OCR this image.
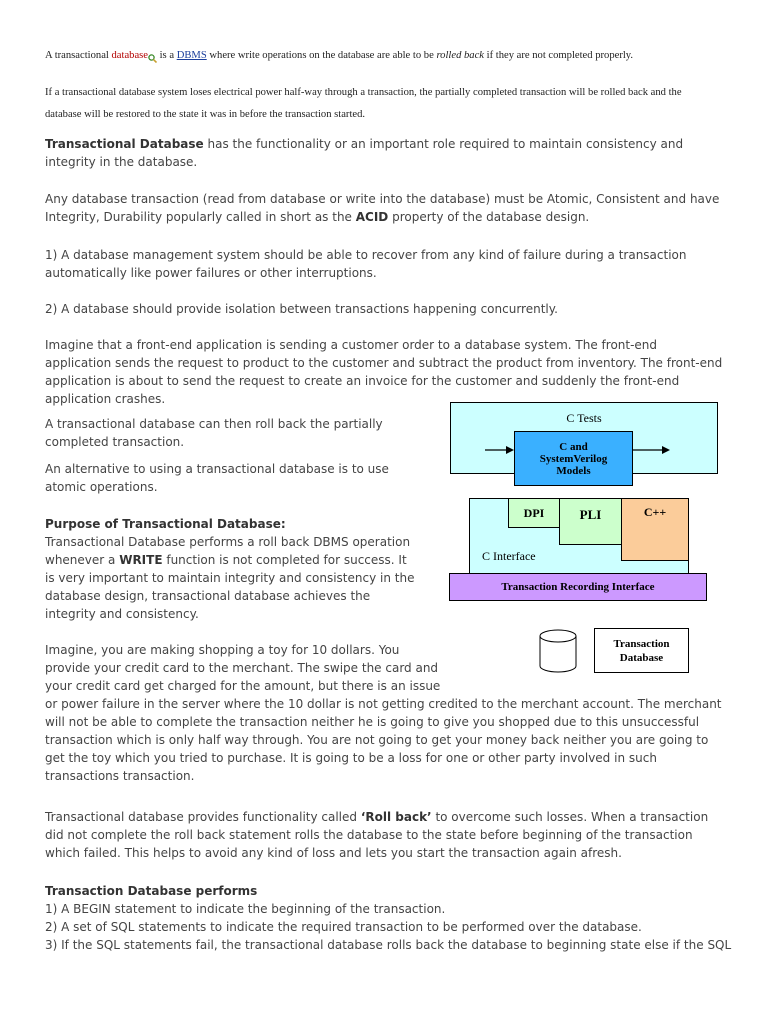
A transactional database is a DBMS where write operations on the database are able to be rolled back if they are not completed properly.
If a transactional database system loses electrical power half-way through a transaction, the partially completed transaction will be rolled back and the database will be restored to the state it was in before the transaction started.
Transactional Database has the functionality or an important role required to maintain consistency and integrity in the database.
Any database transaction (read from database or write into the database) must be Atomic, Consistent and have Integrity, Durability popularly called in short as the ACID property of the database design.
1) A database management system should be able to recover from any kind of failure during a transaction automatically like power failures or other interruptions.
2) A database should provide isolation between transactions happening concurrently.
Imagine that a front-end application is sending a customer order to a database system. The front-end application sends the request to product to the customer and subtract the product from inventory. The front-end application is about to send the request to create an invoice for the customer and suddenly the front-end application crashes.
A transactional database can then roll back the partially completed transaction.
An alternative to using a transactional database is to use atomic operations.
Purpose of Transactional Database:
Transactional Database performs a roll back DBMS operation whenever a WRITE function is not completed for success. It is very important to maintain integrity and consistency in the database design, transactional database achieves the integrity and consistency.
Imagine, you are making shopping a toy for 10 dollars. You
provide your credit card to the merchant. The swipe the card and
your credit card get charged for the amount, but there is an issue
or power failure in the server where the 10 dollar is not getting credited to the merchant account. The merchant will not be able to complete the transaction neither he is going to give you shopped due to this unsuccessful transaction which is only half way through. You are not going to get your money back neither you are going to get the toy which you tried to purchase. It is going to be a loss for one or other party involved in such transactions transaction.
Transactional database provides functionality called ‘Roll back’ to overcome such losses. When a transaction did not complete the roll back statement rolls the database to the state before beginning of the transaction which failed. This helps to avoid any kind of loss and lets you start the transaction again afresh.
Transaction Database performs
1) A BEGIN statement to indicate the beginning of the transaction.
2) A set of SQL statements to indicate the required transaction to be performed over the database.
3) If the SQL statements fail, the transactional database rolls back the database to beginning state else if the SQL
C Tests
C and
SystemVerilog
Models
C Interface
DPI	PLI	C++
Transaction Recording Interface
Transaction
Database
